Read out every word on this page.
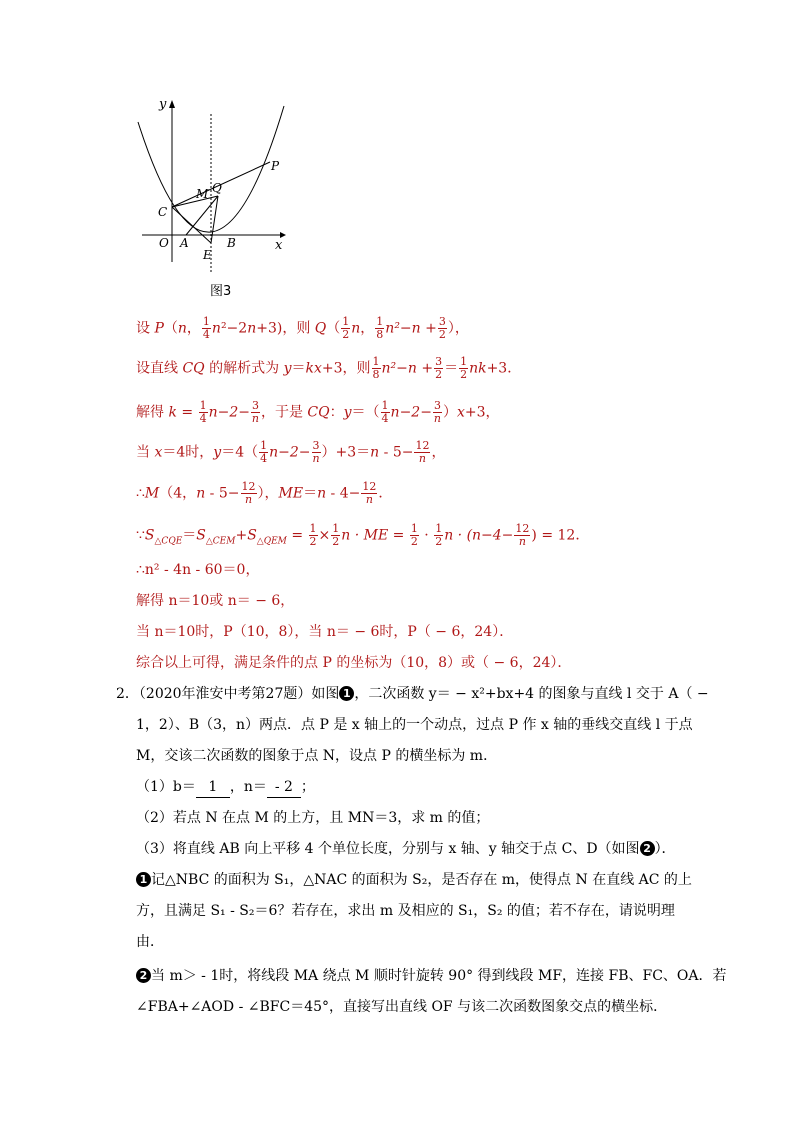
y
x
O A	B
C
E
M Q
P
图3
设 P（n， $\frac{1}{4} n^2-2n+3$)，则 $Q( \frac{1}{2}$ n， $\frac{1}{8} n^2-n + \frac{3}{2}$ ），
设直线 CQ 的解析式为 y＝kx+3，则 $\frac{1}{8} n^2-n + \frac{3}{2} = \frac{1}{2} nk+3$．
解得 $k = \frac{1}{4} n-2- \frac{3}{n}$，于是 CQ：$y=( \frac{1}{4} n-2- \frac{3}{n})x+3$，
当 x＝4时，$y=4( \frac{1}{4} n-2- \frac{3}{n})+3=n - 5- \frac{12}{n}$，
∴M（4，$n - 5- \frac{12}{n}$），$ME=n - 4- \frac{12}{n}$．
$\because S_{\triangle CQE}=S_{\triangle CEM}+S_{\triangle QEM} = \frac{1}{2} \times \frac{1}{2}$ n · ME = $\frac{1}{2} \cdot \frac{1}{2}$ $n \cdot (n-4- \frac{12}{n}) = 12$．
∴n² - 4n - 60＝0，
解得 n＝10或 n＝ − 6，
当 n＝10时，P（10，8），当 n＝ − 6时，P（ − 6，24）．
综合以上可得，满足条件的点 P 的坐标为（10，8）或（ − 6，24）．
2．（2020年淮安中考第27题）如图 1 ，二次函数 y＝ − x²+bx+4 的图象与直线 l 交于 A（ −
1，2）、B（3，n）两点．点 P 是 x 轴上的一个动点，过点 P 作 x 轴的垂线交直线 l 于点
M，交该二次函数的图象于点 N，设点 P 的横坐标为 m．
（1）b＝ 1 ，n＝- 2；
（2）若点 N 在点 M 的上方，且 MN＝3，求 m 的值；
（3）将直线 AB 向上平移 4 个单位长度，分别与 x 轴、y 轴交于点 C、D（如图 2 ）．
1 记△NBC 的面积为 S₁，△NAC 的面积为 S₂，是否存在 m，使得点 N 在直线 AC 的上
方，且满足 S₁ - S₂＝6？若存在，求出 m 及相应的 S₁，S₂ 的值；若不存在，请说明理
由．
2 当 m＞ - 1时，将线段 MA 绕点 M 顺时针旋转 90° 得到线段 MF，连接 FB、FC、OA．若
∠FBA+∠AOD - ∠BFC＝45°，直接写出直线 OF 与该二次函数图象交点的横坐标．
